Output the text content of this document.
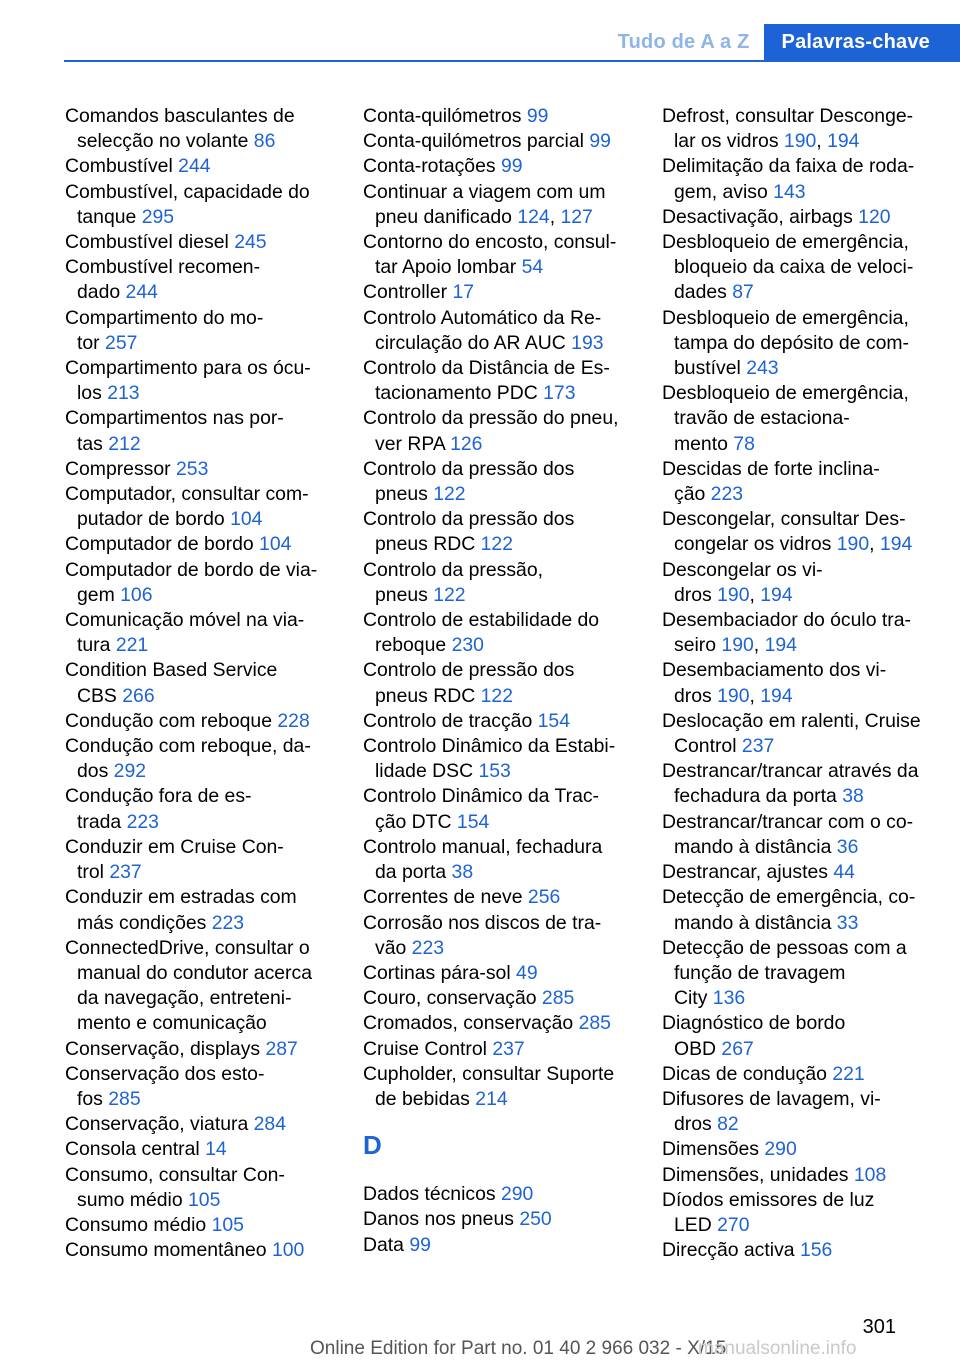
Tudo de A a Z	Palavras-chave
Comandos basculantes de
selecção no volante 86
Combustível 244
Combustível, capacidade do
tanque 295
Combustível diesel 245
Combustível recomen-
dado 244
Compartimento do mo-
tor 257
Compartimento para os ócu-
los 213
Compartimentos nas por-
tas 212
Compressor 253
Computador, consultar com-
putador de bordo 104
Computador de bordo 104
Computador de bordo de via-
gem 106
Comunicação móvel na via-
tura 221
Condition Based Service
CBS 266
Condução com reboque 228
Condução com reboque, da-
dos 292
Condução fora de es-
trada 223
Conduzir em Cruise Con-
trol 237
Conduzir em estradas com
más condições 223
ConnectedDrive, consultar o
manual do condutor acerca
da navegação, entreteni-
mento e comunicação
Conservação, displays 287
Conservação dos esto-
fos 285
Conservação, viatura 284
Consola central 14
Consumo, consultar Con-
sumo médio 105
Consumo médio 105
Consumo momentâneo 100
Conta-quilómetros 99
Conta-quilómetros parcial 99
Conta-rotações 99
Continuar a viagem com um
pneu danificado 124, 127
Contorno do encosto, consul-
tar Apoio lombar 54
Controller 17
Controlo Automático da Re-
circulação do AR AUC 193
Controlo da Distância de Es-
tacionamento PDC 173
Controlo da pressão do pneu,
ver RPA 126
Controlo da pressão dos
pneus 122
Controlo da pressão dos
pneus RDC 122
Controlo da pressão,
pneus 122
Controlo de estabilidade do
reboque 230
Controlo de pressão dos
pneus RDC 122
Controlo de tracção 154
Controlo Dinâmico da Estabi-
lidade DSC 153
Controlo Dinâmico da Trac-
ção DTC 154
Controlo manual, fechadura
da porta 38
Correntes de neve 256
Corrosão nos discos de tra-
vão 223
Cortinas pára-sol 49
Couro, conservação 285
Cromados, conservação 285
Cruise Control 237
Cupholder, consultar Suporte
de bebidas 214
D
Dados técnicos 290
Danos nos pneus 250
Data 99
Defrost, consultar Desconge-
lar os vidros 190, 194
Delimitação da faixa de roda-
gem, aviso 143
Desactivação, airbags 120
Desbloqueio de emergência,
bloqueio da caixa de veloci-
dades 87
Desbloqueio de emergência,
tampa do depósito de com-
bustível 243
Desbloqueio de emergência,
travão de estaciona-
mento 78
Descidas de forte inclina-
ção 223
Descongelar, consultar Des-
congelar os vidros 190, 194
Descongelar os vi-
dros 190, 194
Desembaciador do óculo tra-
seiro 190, 194
Desembaciamento dos vi-
dros 190, 194
Deslocação em ralenti, Cruise
Control 237
Destrancar/trancar através da
fechadura da porta 38
Destrancar/trancar com o co-
mando à distância 36
Destrancar, ajustes 44
Detecção de emergência, co-
mando à distância 33
Detecção de pessoas com a
função de travagem
City 136
Diagnóstico de bordo
OBD 267
Dicas de condução 221
Difusores de lavagem, vi-
dros 82
Dimensões 290
Dimensões, unidades 108
Díodos emissores de luz
LED 270
Direcção activa 156
301
Online Edition for Part no. 01 40 2 966 032 - X/15
manualsonline.info
